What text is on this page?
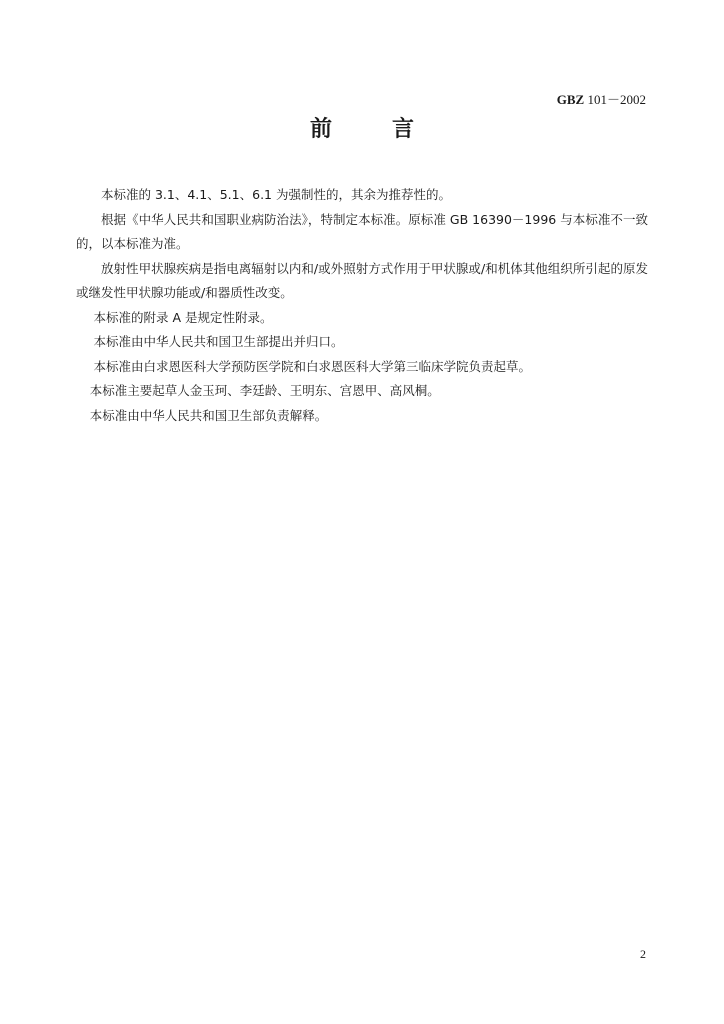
GBZ 101－2002
前言

本标准的 3.1、4.1、5.1、6.1 为强制性的，其余为推荐性的。

根据《中华人民共和国职业病防治法》，特制定本标准。原标准 GB 16390－1996 与本标准不一致的，以本标准为准。

放射性甲状腺疾病是指电离辐射以内和/或外照射方式作用于甲状腺或/和机体其他组织所引起的原发或继发性甲状腺功能或/和器质性改变。

本标准的附录 A 是规定性附录。

本标准由中华人民共和国卫生部提出并归口。

本标准由白求恩医科大学预防医学院和白求恩医科大学第三临床学院负责起草。

本标准主要起草人金玉珂、李廷龄、王明东、宫恩甲、高风桐。

本标准由中华人民共和国卫生部负责解释。

2
